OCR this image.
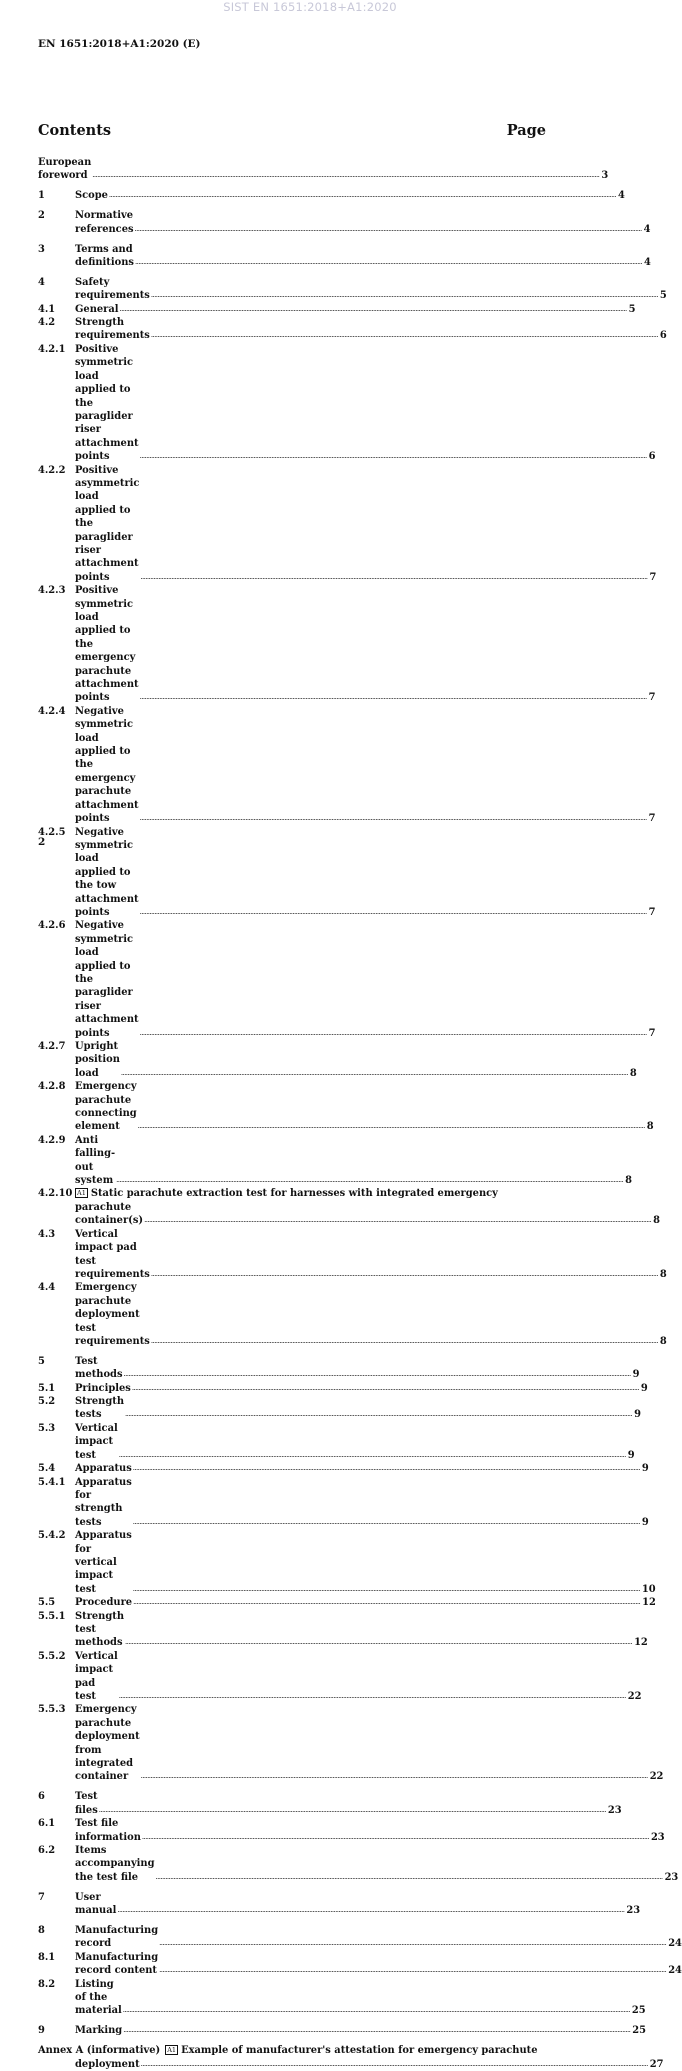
SIST EN 1651:2018+A1:2020
EN 1651:2018+A1:2020 (E)
Contents	Page
European foreword .....	3
1	Scope .....	4
2	Normative references .....	4
3	Terms and definitions .....	4
4	Safety requirements .....	5
4.1	General .....	5
4.2	Strength requirements .....	6
4.2.1 Positive symmetric load applied to the paraglider riser attachment points .....	6
4.2.2 Positive asymmetric load applied to the paraglider riser attachment points .....	7
4.2.3 Positive symmetric load applied to the emergency parachute attachment points .....	7
4.2.4 Negative symmetric load applied to the emergency parachute attachment points .....	7
4.2.5 Negative symmetric load applied to the tow attachment points .....	7
4.2.6 Negative symmetric load applied to the paraglider riser attachment points .....	7
4.2.7 Upright position load .....	8
4.2.8 Emergency parachute connecting element .....	8
4.2.9 Anti falling-out system .....	8
4.2.10 A1 Static parachute extraction test for harnesses with integrated emergency
parachute container(s) .....	8
4.3	Vertical impact pad test requirements .....	8
4.4	Emergency parachute deployment test requirements .....	8
5	Test methods .....	9
5.1	Principles .....	9
5.2	Strength tests .....	9
5.3	Vertical impact test .....	9
5.4	Apparatus .....	9
5.4.1 Apparatus for strength tests .....	9
5.4.2 Apparatus for vertical impact test .....	10
5.5	Procedure .....	12
5.5.1 Strength test methods .....	12
5.5.2 Vertical impact pad test .....	22
5.5.3 Emergency parachute deployment from integrated container .....	22
6	Test files .....	23
6.1	Test file information .....	23
6.2	Items accompanying the test file .....	23
7	User manual .....	23
8	Manufacturing record .....	24
8.1	Manufacturing record content .....	24
8.2	Listing of the material .....	25
9	Marking .....	25
Annex A (informative) A1 Example of manufacturer's attestation for emergency parachute
deployment .....	27
2
